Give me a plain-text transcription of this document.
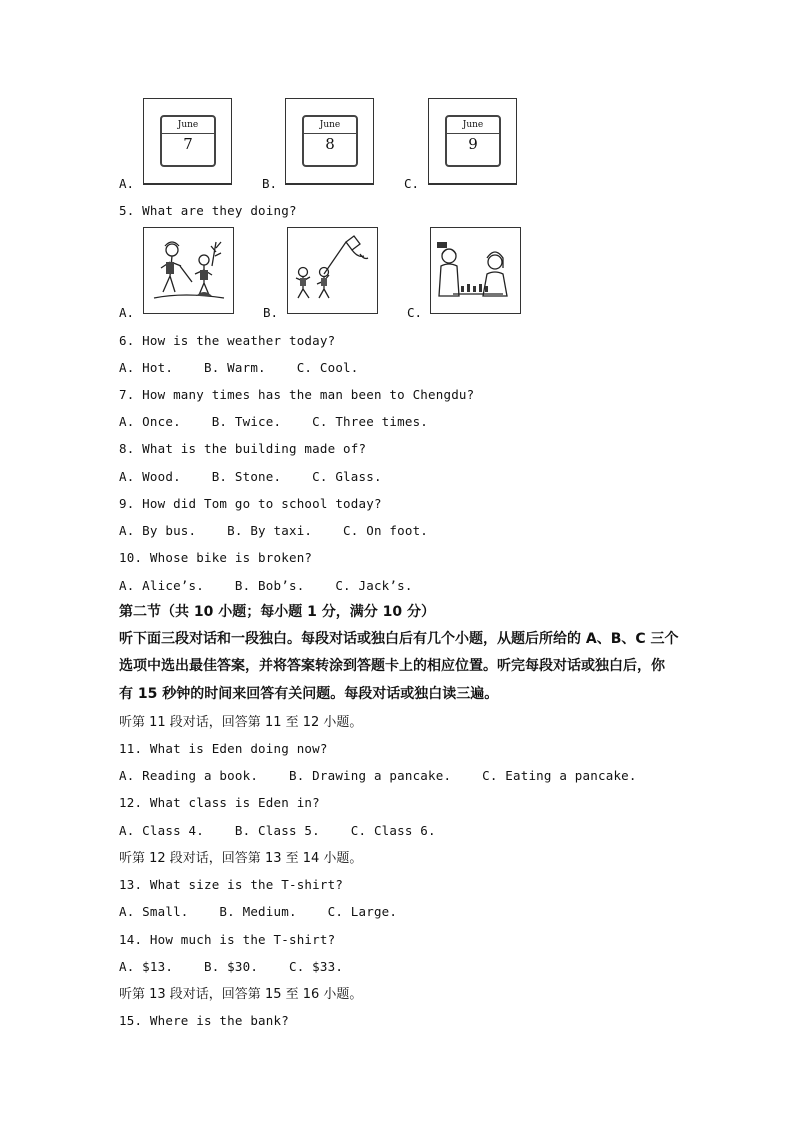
A.
June
7
B.
June
8
C.
June
9
5. What are they doing?
A.	B.	C.
6. How is the weather today?
A. Hot.    B. Warm.    C. Cool.
7. How many times has the man been to Chengdu?
A. Once.    B. Twice.    C. Three times.
8. What is the building made of?
A. Wood.    B. Stone.    C. Glass.
9. How did Tom go to school today?
A. By bus.    B. By taxi.    C. On foot.
10. Whose bike is broken?
A. Alice’s.    B. Bob’s.    C. Jack’s.
第二节（共 10 小题；每小题 1 分，满分 10 分）
听下面三段对话和一段独白。每段对话或独白后有几个小题，从题后所给的 A、B、C 三个
选项中选出最佳答案，并将答案转涂到答题卡上的相应位置。听完每段对话或独白后，你
有 15 秒钟的时间来回答有关问题。每段对话或独白读三遍。
听第 11 段对话，回答第 11 至 12 小题。
11. What is Eden doing now?
A. Reading a book.    B. Drawing a pancake.    C. Eating a pancake.
12. What class is Eden in?
A. Class 4.    B. Class 5.    C. Class 6.
听第 12 段对话，回答第 13 至 14 小题。
13. What size is the T-shirt?
A. Small.    B. Medium.    C. Large.
14. How much is the T-shirt?
A. $13.    B. $30.    C. $33.
听第 13 段对话，回答第 15 至 16 小题。
15. Where is the bank?
